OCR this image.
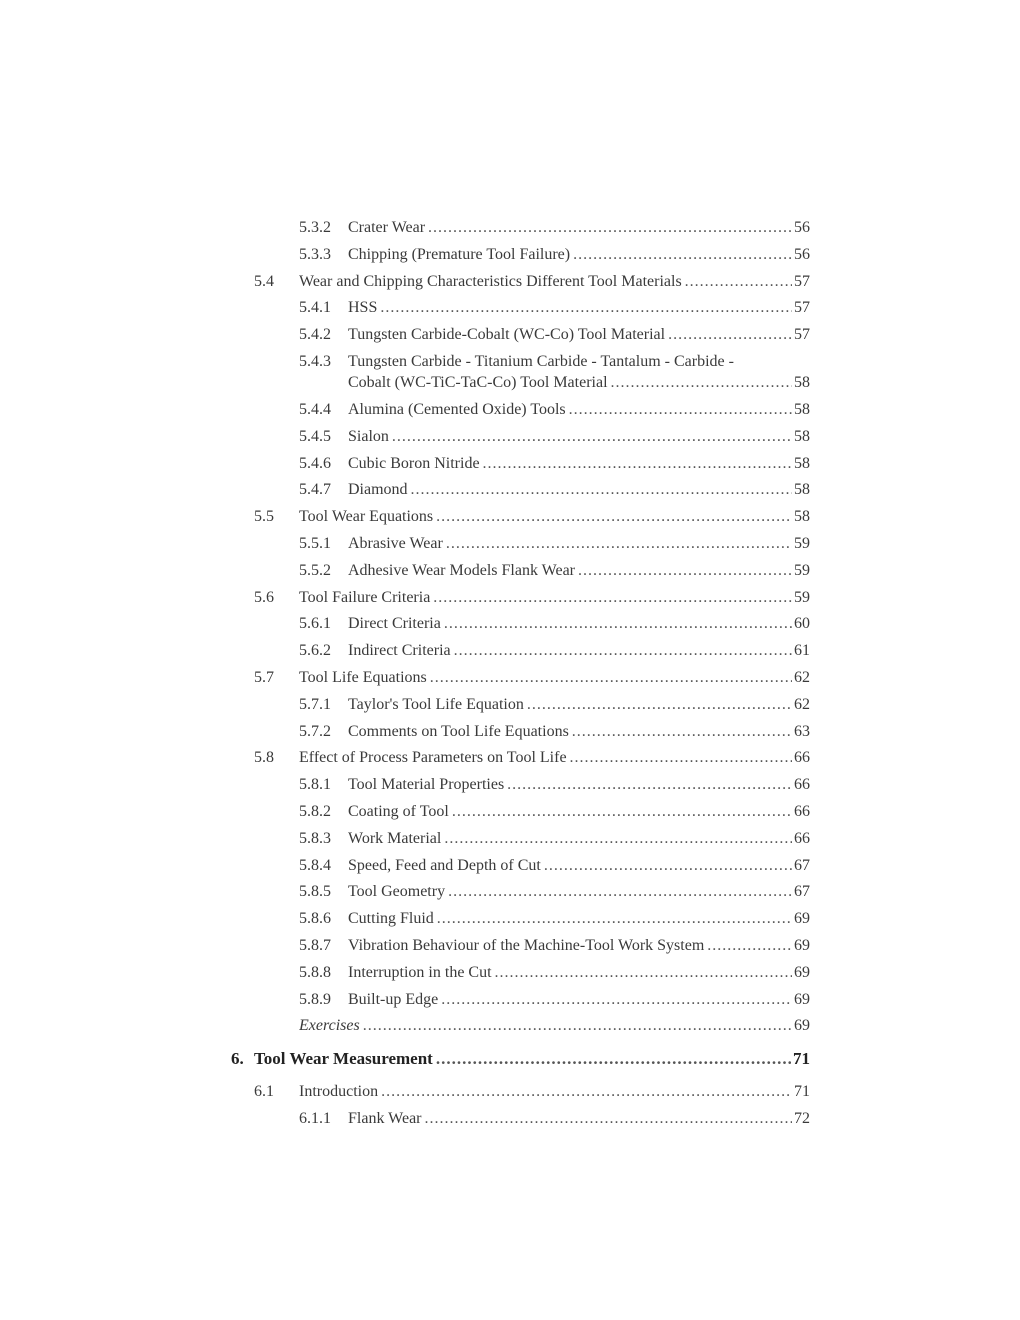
5.3.2 Crater Wear .....	56
5.3.3 Chipping (Premature Tool Failure) .....	56
5.4 Wear and Chipping Characteristics Different Tool Materials .....	57
5.4.1 HSS .....	57
5.4.2 Tungsten Carbide-Cobalt (WC-Co) Tool Material .....	57
5.4.3 Tungsten Carbide - Titanium Carbide - Tantalum - Carbide -
Cobalt (WC-TiC-TaC-Co) Tool Material .....	58
5.4.4 Alumina (Cemented Oxide) Tools .....	58
5.4.5 Sialon .....	58
5.4.6 Cubic Boron Nitride .....	58
5.4.7 Diamond .....	58
5.5 Tool Wear Equations .....	58
5.5.1 Abrasive Wear .....	59
5.5.2 Adhesive Wear Models Flank Wear .....	59
5.6 Tool Failure Criteria .....	59
5.6.1 Direct Criteria .....	60
5.6.2 Indirect Criteria .....	61
5.7 Tool Life Equations .....	62
5.7.1 Taylor's Tool Life Equation .....	62
5.7.2 Comments on Tool Life Equations .....	63
5.8 Effect of Process Parameters on Tool Life .....	66
5.8.1 Tool Material Properties .....	66
5.8.2 Coating of Tool .....	66
5.8.3 Work Material .....	66
5.8.4 Speed, Feed and Depth of Cut .....	67
5.8.5 Tool Geometry .....	67
5.8.6 Cutting Fluid .....	69
5.8.7 Vibration Behaviour of the Machine-Tool Work System .....	69
5.8.8 Interruption in the Cut .....	69
5.8.9 Built-up Edge .....	69
Exercises .....	69
6. Tool Wear Measurement .....	71
6.1 Introduction .....	71
6.1.1 Flank Wear .....	72
